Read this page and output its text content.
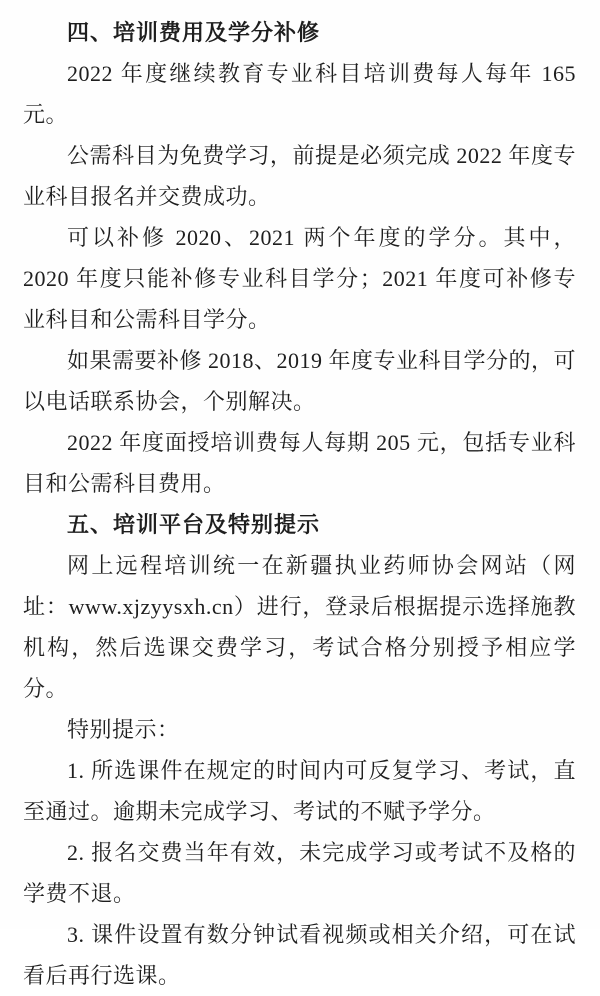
四、培训费用及学分补修

2022 年度继续教育专业科目培训费每人每年 165 元。

公需科目为免费学习，前提是必须完成 2022 年度专业科目报名并交费成功。

可以补修 2020、2021 两个年度的学分。其中，2020 年度只能补修专业科目学分；2021 年度可补修专业科目和公需科目学分。

如果需要补修 2018、2019 年度专业科目学分的，可以电话联系协会，个别解决。

2022 年度面授培训费每人每期 205 元，包括专业科目和公需科目费用。

五、培训平台及特别提示

网上远程培训统一在新疆执业药师协会网站（网址：www.xjzyysxh.cn）进行，登录后根据提示选择施教机构，然后选课交费学习，考试合格分别授予相应学分。

特别提示：

1. 所选课件在规定的时间内可反复学习、考试，直至通过。逾期未完成学习、考试的不赋予学分。

2. 报名交费当年有效，未完成学习或考试不及格的学费不退。

3. 课件设置有数分钟试看视频或相关介绍，可在试看后再行选课。
